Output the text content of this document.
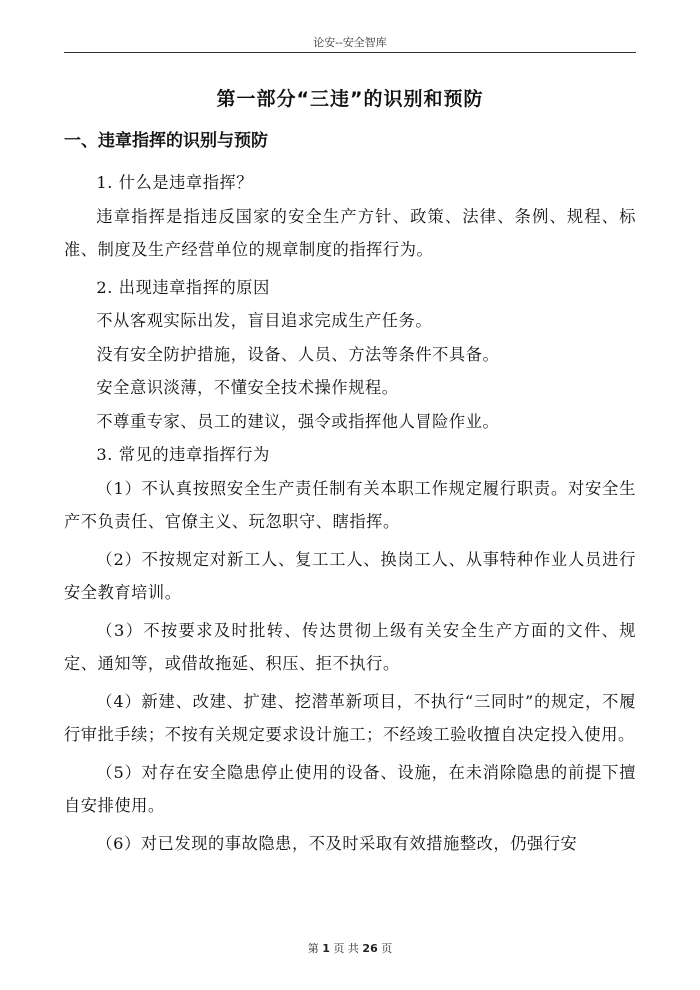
论安--安全智库
第一部分“三违”的识别和预防
一、违章指挥的识别与预防

1. 什么是违章指挥？

违章指挥是指违反国家的安全生产方针、政策、法律、条例、规程、标准、制度及生产经营单位的规章制度的指挥行为。

2. 出现违章指挥的原因

不从客观实际出发，盲目追求完成生产任务。

没有安全防护措施，设备、人员、方法等条件不具备。

安全意识淡薄，不懂安全技术操作规程。

不尊重专家、员工的建议，强令或指挥他人冒险作业。

3. 常见的违章指挥行为

（1）不认真按照安全生产责任制有关本职工作规定履行职责。对安全生产不负责任、官僚主义、玩忽职守、瞎指挥。

（2）不按规定对新工人、复工工人、换岗工人、从事特种作业人员进行安全教育培训。

（3）不按要求及时批转、传达贯彻上级有关安全生产方面的文件、规定、通知等，或借故拖延、积压、拒不执行。

（4）新建、改建、扩建、挖潜革新项目，不执行“三同时”的规定，不履行审批手续；不按有关规定要求设计施工；不经竣工验收擅自决定投入使用。

（5）对存在安全隐患停止使用的设备、设施，在未消除隐患的前提下擅自安排使用。

（6）对已发现的事故隐患，不及时采取有效措施整改，仍强行安

第 1 页 共 26 页
